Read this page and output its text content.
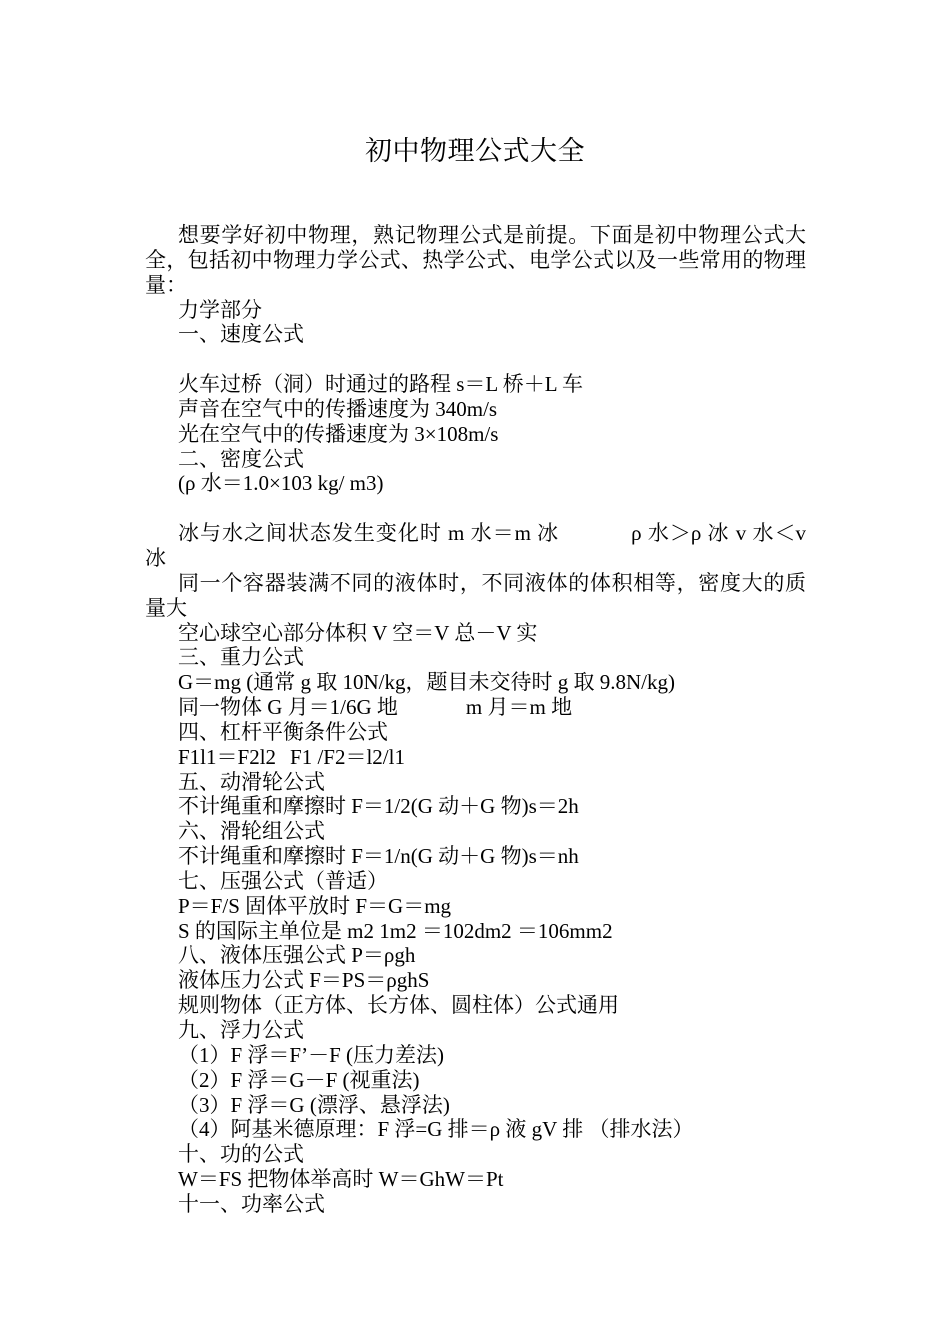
初中物理公式大全

想要学好初中物理，熟记物理公式是前提。下面是初中物理公式大全，包括初中物理力学公式、热学公式、电学公式以及一些常用的物理量：

力学部分

一、速度公式

火车过桥（洞）时通过的路程 s＝L 桥＋L 车

声音在空气中的传播速度为 340m/s

光在空气中的传播速度为 3×108m/s

二、密度公式

(ρ 水＝1.0×103 kg/ m3)

冰与水之间状态发生变化时 m 水＝m 冰	ρ 水＞ρ 冰 v 水＜v 冰

同一个容器装满不同的液体时，不同液体的体积相等，密度大的质量大

空心球空心部分体积 V 空＝V 总－V 实

三、重力公式

G＝mg (通常 g 取 10N/kg，题目未交待时 g 取 9.8N/kg)

同一物体 G 月＝1/6G 地	m 月＝m 地

四、杠杆平衡条件公式

F1l1＝F2l2 F1 /F2＝l2/l1

五、动滑轮公式

不计绳重和摩擦时 F＝1/2(G 动＋G 物)s＝2h

六、滑轮组公式

不计绳重和摩擦时 F＝1/n(G 动＋G 物)s＝nh

七、压强公式（普适）

P＝F/S 固体平放时 F＝G＝mg

S 的国际主单位是 m2 1m2 ＝102dm2 ＝106mm2

八、液体压强公式 P＝ρgh

液体压力公式 F＝PS＝ρghS

规则物体（正方体、长方体、圆柱体）公式通用

九、浮力公式

（1）F 浮＝F’－F (压力差法)

（2）F 浮＝G－F (视重法)

（3）F 浮＝G (漂浮、悬浮法)

（4）阿基米德原理：F 浮=G 排＝ρ 液 gV 排 （排水法）

十、功的公式

W＝FS 把物体举高时 W＝GhW＝Pt

十一、功率公式
